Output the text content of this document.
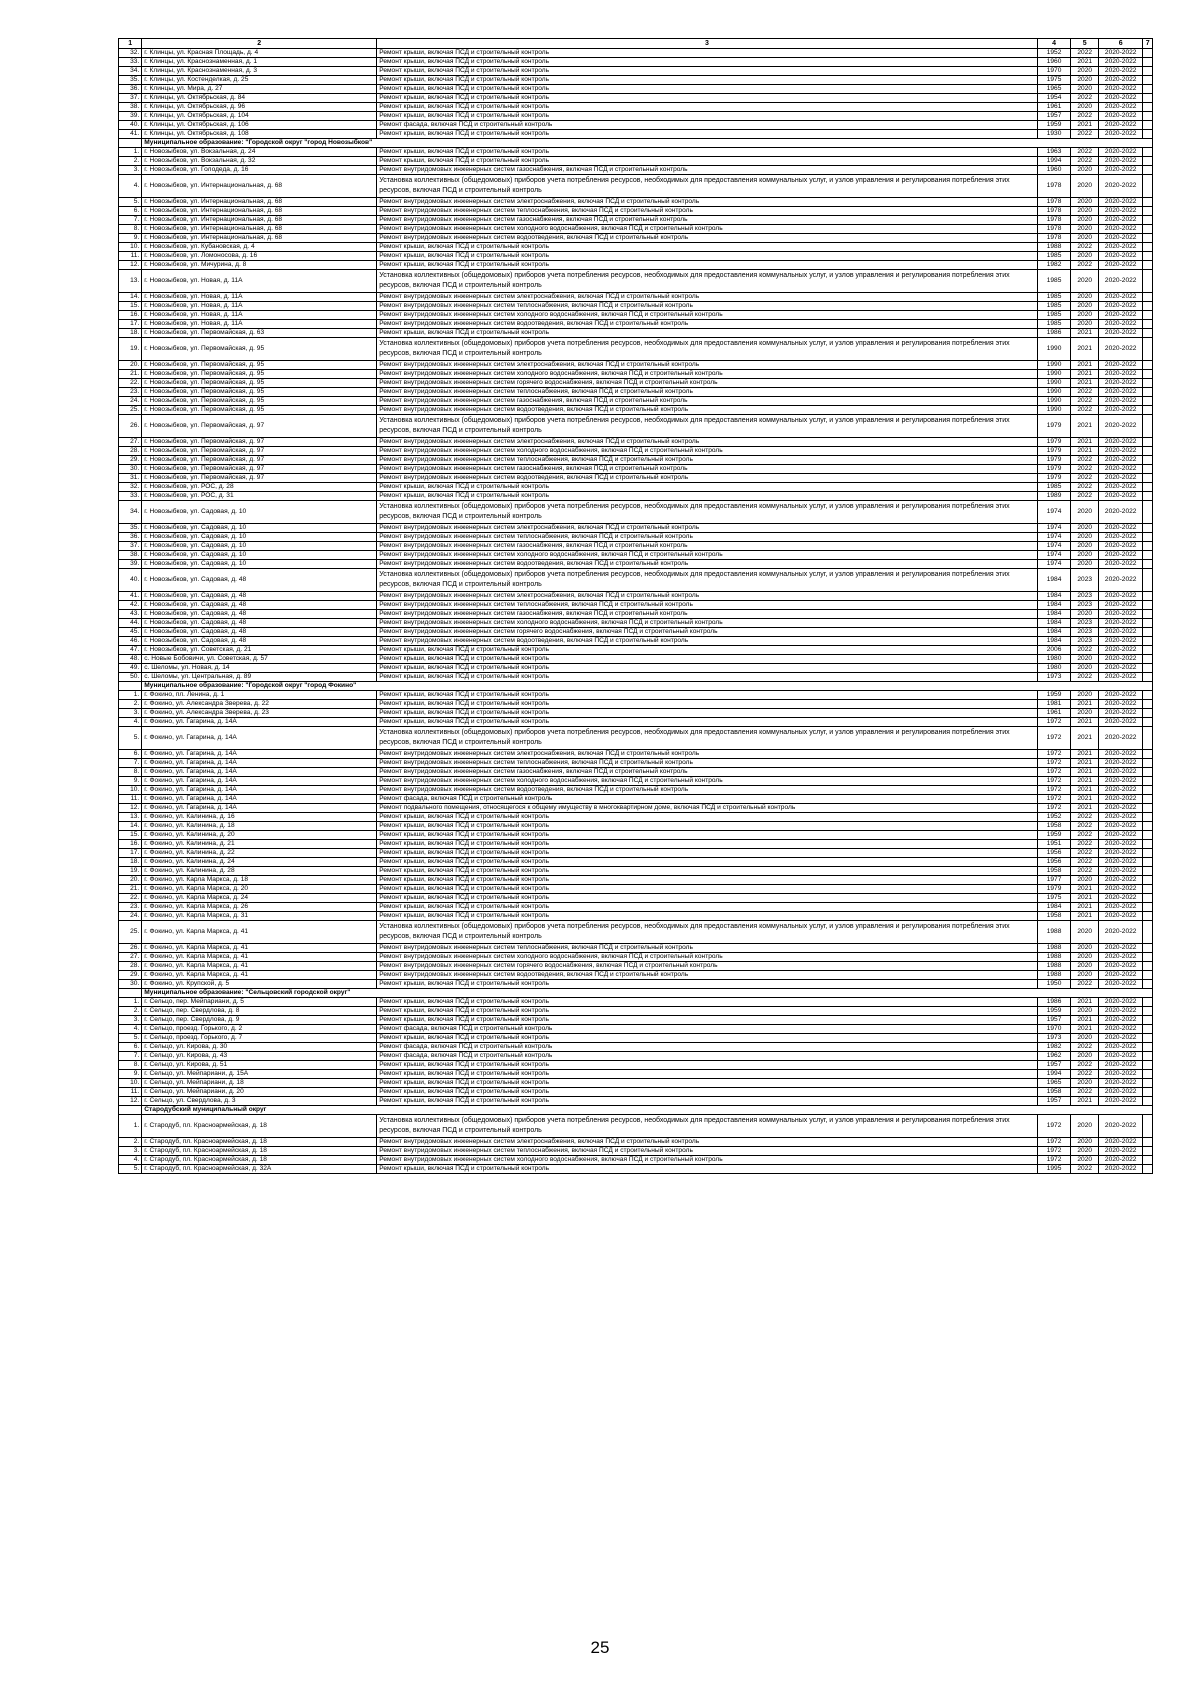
1	2	3	4	5	6	7
32.	г. Клинцы, ул. Красная Площадь, д. 4	Ремонт крыши, включая ПСД и строительный контроль	1952	2022	2020-2022	
33.	г. Клинцы, ул. Краснознаменная, д. 1	Ремонт крыши, включая ПСД и строительный контроль	1960	2021	2020-2022	
34.	г. Клинцы, ул. Краснознаменная, д. 3	Ремонт крыши, включая ПСД и строительный контроль	1970	2020	2020-2022	
35.	г. Клинцы, ул. Костенделкая, д. 25	Ремонт крыши, включая ПСД и строительный контроль	1975	2020	2020-2022	
36.	г. Клинцы, ул. Мира, д. 27	Ремонт крыши, включая ПСД и строительный контроль	1965	2020	2020-2022	
37.	г. Клинцы, ул. Октябрьская, д. 84	Ремонт крыши, включая ПСД и строительный контроль	1954	2022	2020-2022	
38.	г. Клинцы, ул. Октябрьская, д. 96	Ремонт крыши, включая ПСД и строительный контроль	1961	2020	2020-2022	
39.	г. Клинцы, ул. Октябрьская, д. 104	Ремонт крыши, включая ПСД и строительный контроль	1957	2022	2020-2022	
40.	г. Клинцы, ул. Октябрьская, д. 106	Ремонт фасада, включая ПСД и строительный контроль	1959	2021	2020-2022	
41.	г. Клинцы, ул. Октябрьская, д. 108	Ремонт крыши, включая ПСД и строительный контроль	1930	2022	2020-2022	
	Муниципальное образование: "Городской округ "город Новозыбков"					
1.	г. Новозыбков, ул. Вокзальная, д. 24	Ремонт крыши, включая ПСД и строительный контроль	1963	2022	2020-2022	
2.	г. Новозыбков, ул. Вокзальная, д. 32	Ремонт крыши, включая ПСД и строительный контроль	1994	2022	2020-2022	
3.	г. Новозыбков, ул. Голодеда, д. 16	Ремонт внутридомовых инженерных систем газоснабжения, включая ПСД и строительный контроль	1960	2020	2020-2022	
4.	г. Новозыбков, ул. Интернациональная, д. 68	Установка коллективных (общедомовых) приборов учета потребления ресурсов, необходимых для предоставления коммунальных услуг, и узлов управления и регулирования потребления этих ресурсов, включая ПСД и строительный контроль	1978	2020	2020-2022	
5.	г. Новозыбков, ул. Интернациональная, д. 68	Ремонт внутридомовых инженерных систем электроснабжения, включая ПСД и строительный контроль	1978	2020	2020-2022	
6.	г. Новозыбков, ул. Интернациональная, д. 68	Ремонт внутридомовых инженерных систем теплоснабжения, включая ПСД и строительный контроль	1978	2020	2020-2022	
7.	г. Новозыбков, ул. Интернациональная, д. 68	Ремонт внутридомовых инженерных систем газоснабжения, включая ПСД и строительный контроль	1978	2020	2020-2022	
8.	г. Новозыбков, ул. Интернациональная, д. 68	Ремонт внутридомовых инженерных систем холодного водоснабжения, включая ПСД и строительный контроль	1978	2020	2020-2022	
9.	г. Новозыбков, ул. Интернациональная, д. 68	Ремонт внутридомовых инженерных систем водоотведения, включая ПСД и строительный контроль	1978	2020	2020-2022	
10.	г. Новозыбков, ул. Кубановская, д. 4	Ремонт крыши, включая ПСД и строительный контроль	1988	2022	2020-2022	
11.	г. Новозыбков, ул. Ломоносова, д. 16	Ремонт крыши, включая ПСД и строительный контроль	1985	2020	2020-2022	
12.	г. Новозыбков, ул. Мичурина, д. 8	Ремонт крыши, включая ПСД и строительный контроль	1982	2022	2020-2022	
13.	г. Новозыбков, ул. Новая, д. 11А	Установка коллективных (общедомовых) приборов учета потребления ресурсов, необходимых для предоставления коммунальных услуг, и узлов управления и регулирования потребления этих ресурсов, включая ПСД и строительный контроль	1985	2020	2020-2022	
14.	г. Новозыбков, ул. Новая, д. 11А	Ремонт внутридомовых инженерных систем электроснабжения, включая ПСД и строительный контроль	1985	2020	2020-2022	
15.	г. Новозыбков, ул. Новая, д. 11А	Ремонт внутридомовых инженерных систем теплоснабжения, включая ПСД и строительный контроль	1985	2020	2020-2022	
16.	г. Новозыбков, ул. Новая, д. 11А	Ремонт внутридомовых инженерных систем холодного водоснабжения, включая ПСД и строительный контроль	1985	2020	2020-2022	
17.	г. Новозыбков, ул. Новая, д. 11А	Ремонт внутридомовых инженерных систем водоотведения, включая ПСД и строительный контроль	1985	2020	2020-2022	
18.	г. Новозыбков, ул. Первомайская, д. 63	Ремонт крыши, включая ПСД и строительный контроль	1986	2021	2020-2022	
19.	г. Новозыбков, ул. Первомайская, д. 95	Установка коллективных (общедомовых) приборов учета потребления ресурсов, необходимых для предоставления коммунальных услуг, и узлов управления и регулирования потребления этих ресурсов, включая ПСД и строительный контроль	1990	2021	2020-2022	
20.	г. Новозыбков, ул. Первомайская, д. 95	Ремонт внутридомовых инженерных систем электроснабжения, включая ПСД и строительный контроль	1990	2021	2020-2022	
21.	г. Новозыбков, ул. Первомайская, д. 95	Ремонт внутридомовых инженерных систем холодного водоснабжения, включая ПСД и строительный контроль	1990	2021	2020-2022	
22.	г. Новозыбков, ул. Первомайская, д. 95	Ремонт внутридомовых инженерных систем горячего водоснабжения, включая ПСД и строительный контроль	1990	2021	2020-2022	
23.	г. Новозыбков, ул. Первомайская, д. 95	Ремонт внутридомовых инженерных систем теплоснабжения, включая ПСД и строительный контроль	1990	2022	2020-2022	
24.	г. Новозыбков, ул. Первомайская, д. 95	Ремонт внутридомовых инженерных систем газоснабжения, включая ПСД и строительный контроль	1990	2022	2020-2022	
25.	г. Новозыбков, ул. Первомайская, д. 95	Ремонт внутридомовых инженерных систем водоотведения, включая ПСД и строительный контроль	1990	2022	2020-2022	
26.	г. Новозыбков, ул. Первомайская, д. 97	Установка коллективных (общедомовых) приборов учета потребления ресурсов, необходимых для предоставления коммунальных услуг, и узлов управления и регулирования потребления этих ресурсов, включая ПСД и строительный контроль	1979	2021	2020-2022	
27.	г. Новозыбков, ул. Первомайская, д. 97	Ремонт внутридомовых инженерных систем электроснабжения, включая ПСД и строительный контроль	1979	2021	2020-2022	
28.	г. Новозыбков, ул. Первомайская, д. 97	Ремонт внутридомовых инженерных систем холодного водоснабжения, включая ПСД и строительный контроль	1979	2021	2020-2022	
29.	г. Новозыбков, ул. Первомайская, д. 97	Ремонт внутридомовых инженерных систем теплоснабжения, включая ПСД и строительный контроль	1979	2022	2020-2022	
30.	г. Новозыбков, ул. Первомайская, д. 97	Ремонт внутридомовых инженерных систем газоснабжения, включая ПСД и строительный контроль	1979	2022	2020-2022	
31.	г. Новозыбков, ул. Первомайская, д. 97	Ремонт внутридомовых инженерных систем водоотведения, включая ПСД и строительный контроль	1979	2022	2020-2022	
32.	г. Новозыбков, ул. РОС, д. 28	Ремонт крыши, включая ПСД и строительный контроль	1985	2022	2020-2022	
33.	г. Новозыбков, ул. РОС, д. 31	Ремонт крыши, включая ПСД и строительный контроль	1989	2022	2020-2022	
34.	г. Новозыбков, ул. Садовая, д. 10	Установка коллективных (общедомовых) приборов учета потребления ресурсов, необходимых для предоставления коммунальных услуг, и узлов управления и регулирования потребления этих ресурсов, включая ПСД и строительный контроль	1974	2020	2020-2022	
35.	г. Новозыбков, ул. Садовая, д. 10	Ремонт внутридомовых инженерных систем электроснабжения, включая ПСД и строительный контроль	1974	2020	2020-2022	
36.	г. Новозыбков, ул. Садовая, д. 10	Ремонт внутридомовых инженерных систем теплоснабжения, включая ПСД и строительный контроль	1974	2020	2020-2022	
37.	г. Новозыбков, ул. Садовая, д. 10	Ремонт внутридомовых инженерных систем газоснабжения, включая ПСД и строительный контроль	1974	2020	2020-2022	
38.	г. Новозыбков, ул. Садовая, д. 10	Ремонт внутридомовых инженерных систем холодного водоснабжения, включая ПСД и строительный контроль	1974	2020	2020-2022	
39.	г. Новозыбков, ул. Садовая, д. 10	Ремонт внутридомовых инженерных систем водоотведения, включая ПСД и строительный контроль	1974	2020	2020-2022	
40.	г. Новозыбков, ул. Садовая, д. 48	Установка коллективных (общедомовых) приборов учета потребления ресурсов, необходимых для предоставления коммунальных услуг, и узлов управления и регулирования потребления этих ресурсов, включая ПСД и строительный контроль	1984	2023	2020-2022	
41.	г. Новозыбков, ул. Садовая, д. 48	Ремонт внутридомовых инженерных систем электроснабжения, включая ПСД и строительный контроль	1984	2023	2020-2022	
42.	г. Новозыбков, ул. Садовая, д. 48	Ремонт внутридомовых инженерных систем теплоснабжения, включая ПСД и строительный контроль	1984	2023	2020-2022	
43.	г. Новозыбков, ул. Садовая, д. 48	Ремонт внутридомовых инженерных систем газоснабжения, включая ПСД и строительный контроль	1984	2020	2020-2022	
44.	г. Новозыбков, ул. Садовая, д. 48	Ремонт внутридомовых инженерных систем холодного водоснабжения, включая ПСД и строительный контроль	1984	2023	2020-2022	
45.	г. Новозыбков, ул. Садовая, д. 48	Ремонт внутридомовых инженерных систем горячего водоснабжения, включая ПСД и строительный контроль	1984	2023	2020-2022	
46.	г. Новозыбков, ул. Садовая, д. 48	Ремонт внутридомовых инженерных систем водоотведения, включая ПСД и строительный контроль	1984	2023	2020-2022	
47.	г. Новозыбков, ул. Советская, д. 21	Ремонт крыши, включая ПСД и строительный контроль	2006	2022	2020-2022	
48.	с. Новые Бобовичи, ул. Советская, д. 57	Ремонт крыши, включая ПСД и строительный контроль	1980	2020	2020-2022	
49.	с. Шеломы, ул. Новая, д. 14	Ремонт крыши, включая ПСД и строительный контроль	1980	2020	2020-2022	
50.	с. Шеломы, ул. Центральная, д. 89	Ремонт крыши, включая ПСД и строительный контроль	1973	2022	2020-2022	
	Муниципальное образование: "Городской округ "город Фокино"					
1.	г. Фокино, пл. Ленина, д. 1	Ремонт крыши, включая ПСД и строительный контроль	1959	2020	2020-2022	
2.	г. Фокино, ул. Александра Зверева, д. 22	Ремонт крыши, включая ПСД и строительный контроль	1981	2021	2020-2022	
3.	г. Фокино, ул. Александра Зверева, д. 23	Ремонт крыши, включая ПСД и строительный контроль	1961	2020	2020-2022	
4.	г. Фокино, ул. Гагарина, д. 14А	Ремонт крыши, включая ПСД и строительный контроль	1972	2021	2020-2022	
5.	г. Фокино, ул. Гагарина, д. 14А	Установка коллективных (общедомовых) приборов учета потребления ресурсов, необходимых для предоставления коммунальных услуг, и узлов управления и регулирования потребления этих ресурсов, включая ПСД и строительный контроль	1972	2021	2020-2022	
6.	г. Фокино, ул. Гагарина, д. 14А	Ремонт внутридомовых инженерных систем электроснабжения, включая ПСД и строительный контроль	1972	2021	2020-2022	
7.	г. Фокино, ул. Гагарина, д. 14А	Ремонт внутридомовых инженерных систем теплоснабжения, включая ПСД и строительный контроль	1972	2021	2020-2022	
8.	г. Фокино, ул. Гагарина, д. 14А	Ремонт внутридомовых инженерных систем газоснабжения, включая ПСД и строительный контроль	1972	2021	2020-2022	
9.	г. Фокино, ул. Гагарина, д. 14А	Ремонт внутридомовых инженерных систем холодного водоснабжения, включая ПСД и строительный контроль	1972	2021	2020-2022	
10.	г. Фокино, ул. Гагарина, д. 14А	Ремонт внутридомовых инженерных систем водоотведения, включая ПСД и строительный контроль	1972	2021	2020-2022	
11.	г. Фокино, ул. Гагарина, д. 14А	Ремонт фасада, включая ПСД и строительный контроль	1972	2021	2020-2022	
12.	г. Фокино, ул. Гагарина, д. 14А	Ремонт подвального помещения, относящегося к общему имуществу в многоквартирном доме, включая ПСД и строительный контроль	1972	2021	2020-2022	
13.	г. Фокино, ул. Калинина, д. 16	Ремонт крыши, включая ПСД и строительный контроль	1952	2022	2020-2022	
14.	г. Фокино, ул. Калинина, д. 18	Ремонт крыши, включая ПСД и строительный контроль	1958	2022	2020-2022	
15.	г. Фокино, ул. Калинина, д. 20	Ремонт крыши, включая ПСД и строительный контроль	1959	2022	2020-2022	
16.	г. Фокино, ул. Калинина, д. 21	Ремонт крыши, включая ПСД и строительный контроль	1951	2022	2020-2022	
17.	г. Фокино, ул. Калинина, д. 22	Ремонт крыши, включая ПСД и строительный контроль	1956	2022	2020-2022	
18.	г. Фокино, ул. Калинина, д. 24	Ремонт крыши, включая ПСД и строительный контроль	1956	2022	2020-2022	
19.	г. Фокино, ул. Калинина, д. 28	Ремонт крыши, включая ПСД и строительный контроль	1958	2022	2020-2022	
20.	г. Фокино, ул. Карла Маркса, д. 18	Ремонт крыши, включая ПСД и строительный контроль	1977	2020	2020-2022	
21.	г. Фокино, ул. Карла Маркса, д. 20	Ремонт крыши, включая ПСД и строительный контроль	1979	2021	2020-2022	
22.	г. Фокино, ул. Карла Маркса, д. 24	Ремонт крыши, включая ПСД и строительный контроль	1975	2021	2020-2022	
23.	г. Фокино, ул. Карла Маркса, д. 26	Ремонт крыши, включая ПСД и строительный контроль	1984	2021	2020-2022	
24.	г. Фокино, ул. Карла Маркса, д. 31	Ремонт крыши, включая ПСД и строительный контроль	1958	2021	2020-2022	
25.	г. Фокино, ул. Карла Маркса, д. 41	Установка коллективных (общедомовых) приборов учета потребления ресурсов, необходимых для предоставления коммунальных услуг, и узлов управления и регулирования потребления этих ресурсов, включая ПСД и строительный контроль	1988	2020	2020-2022	
26.	г. Фокино, ул. Карла Маркса, д. 41	Ремонт внутридомовых инженерных систем теплоснабжения, включая ПСД и строительный контроль	1988	2020	2020-2022	
27.	г. Фокино, ул. Карла Маркса, д. 41	Ремонт внутридомовых инженерных систем холодного водоснабжения, включая ПСД и строительный контроль	1988	2020	2020-2022	
28.	г. Фокино, ул. Карла Маркса, д. 41	Ремонт внутридомовых инженерных систем горячего водоснабжения, включая ПСД и строительный контроль	1988	2020	2020-2022	
29.	г. Фокино, ул. Карла Маркса, д. 41	Ремонт внутридомовых инженерных систем водоотведения, включая ПСД и строительный контроль	1988	2020	2020-2022	
30.	г. Фокино, ул. Крупской, д. 5	Ремонт крыши, включая ПСД и строительный контроль	1950	2022	2020-2022	
	Муниципальное образование: "Сельцовский городской округ"					
1.	г. Сельцо, пер. Мейпариани, д. 5	Ремонт крыши, включая ПСД и строительный контроль	1986	2021	2020-2022	
2.	г. Сельцо, пер. Свердлова, д. 8	Ремонт крыши, включая ПСД и строительный контроль	1959	2020	2020-2022	
3.	г. Сельцо, пер. Свердлова, д. 9	Ремонт крыши, включая ПСД и строительный контроль	1957	2021	2020-2022	
4.	г. Сельцо, проезд. Горького, д. 2	Ремонт фасада, включая ПСД и строительный контроль	1970	2021	2020-2022	
5.	г. Сельцо, проезд. Горького, д. 7	Ремонт крыши, включая ПСД и строительный контроль	1973	2020	2020-2022	
6.	г. Сельцо, ул. Кирова, д. 30	Ремонт фасада, включая ПСД и строительный контроль	1982	2022	2020-2022	
7.	г. Сельцо, ул. Кирова, д. 43	Ремонт фасада, включая ПСД и строительный контроль	1962	2020	2020-2022	
8.	г. Сельцо, ул. Кирова, д. 51	Ремонт крыши, включая ПСД и строительный контроль	1957	2022	2020-2022	
9.	г. Сельцо, ул. Мейпариани, д. 15А	Ремонт крыши, включая ПСД и строительный контроль	1994	2022	2020-2022	
10.	г. Сельцо, ул. Мейпариани, д. 18	Ремонт крыши, включая ПСД и строительный контроль	1965	2020	2020-2022	
11.	г. Сельцо, ул. Мейпариани, д. 20	Ремонт крыши, включая ПСД и строительный контроль	1958	2022	2020-2022	
12.	г. Сельцо, ул. Свердлова, д. 3	Ремонт крыши, включая ПСД и строительный контроль	1957	2021	2020-2022	
	Стародубский муниципальный округ					
1.	г. Стародуб, пл. Красноармейская, д. 18	Установка коллективных (общедомовых) приборов учета потребления ресурсов, необходимых для предоставления коммунальных услуг, и узлов управления и регулирования потребления этих ресурсов, включая ПСД и строительный контроль	1972	2020	2020-2022	
2.	г. Стародуб, пл. Красноармейская, д. 18	Ремонт внутридомовых инженерных систем электроснабжения, включая ПСД и строительный контроль	1972	2020	2020-2022	
3.	г. Стародуб, пл. Красноармейская, д. 18	Ремонт внутридомовых инженерных систем теплоснабжения, включая ПСД и строительный контроль	1972	2020	2020-2022	
4.	г. Стародуб, пл. Красноармейская, д. 18	Ремонт внутридомовых инженерных систем холодного водоснабжения, включая ПСД и строительный контроль	1972	2020	2020-2022	
5.	г. Стародуб, пл. Красноармейская, д. 32А	Ремонт крыши, включая ПСД и строительный контроль	1995	2022	2020-2022	
25
